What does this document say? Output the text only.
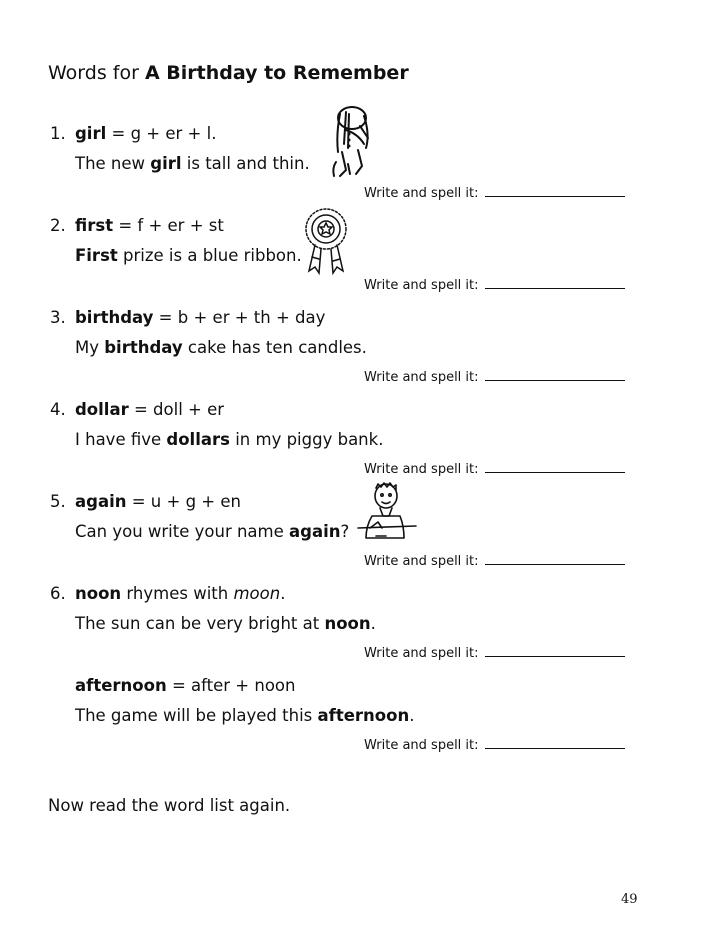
Words for A Birthday to Remember
1. girl = g + er + l.
The new girl is tall and thin.
Write and spell it:
2. first = f + er + st
First prize is a blue ribbon.
Write and spell it:
3. birthday = b + er + th + day
My birthday cake has ten candles.
Write and spell it:
4. dollar = doll + er
I have five dollars in my piggy bank.
Write and spell it:
5. again = u + g + en
Can you write your name again?
Write and spell it:
6. noon rhymes with moon.
The sun can be very bright at noon.
Write and spell it:
afternoon = after + noon
The game will be played this afternoon.
Write and spell it:
Now read the word list again.
49
